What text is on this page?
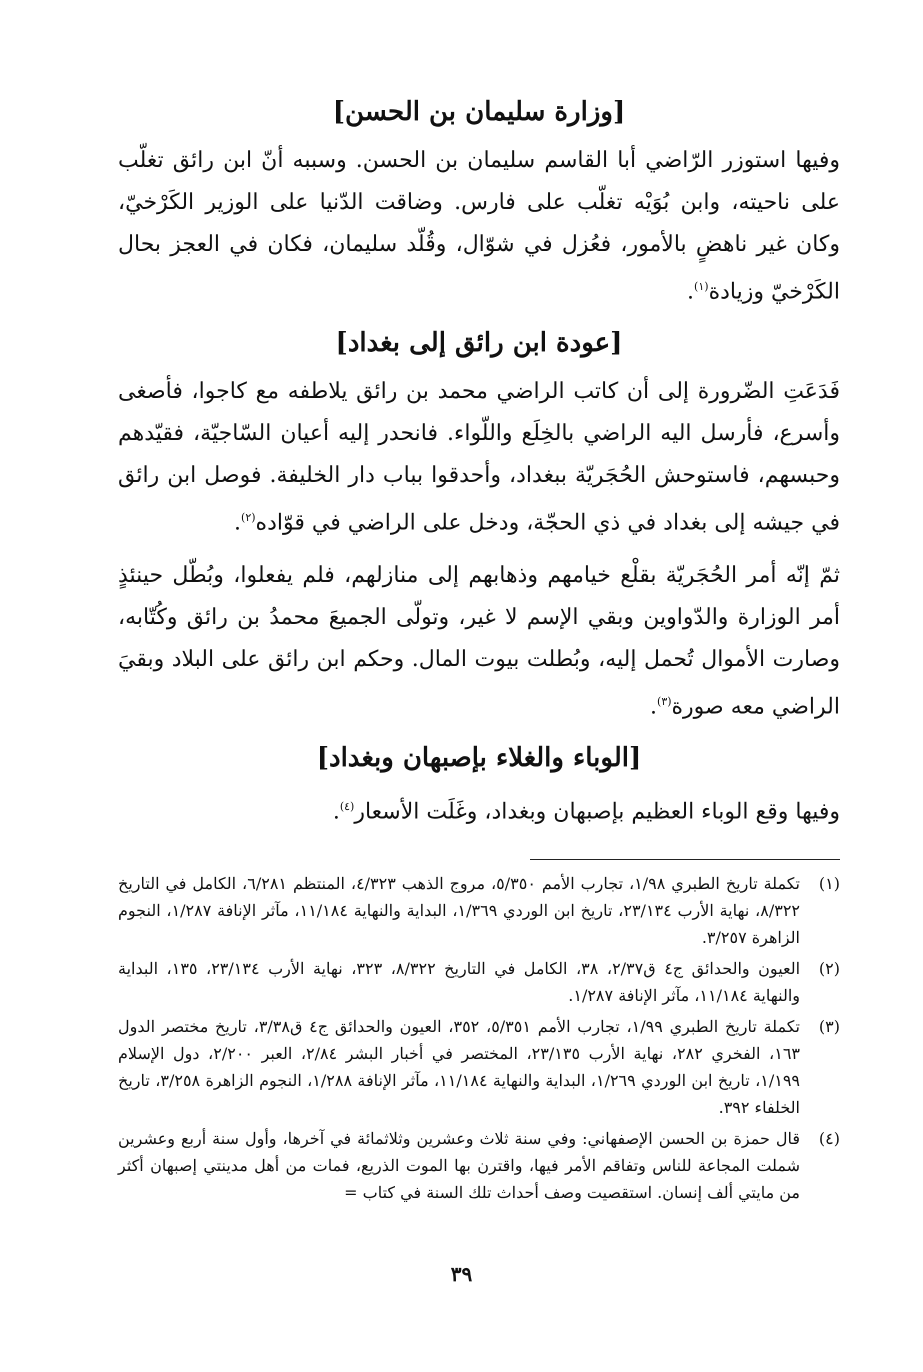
[وزارة سليمان بن الحسن]

وفيها استوزر الرّاضي أبا القاسم سليمان بن الحسن. وسببه أنّ ابن رائق تغلّب على ناحيته، وابن بُوَيْه تغلّب على فارس. وضاقت الدّنيا على الوزير الكَرْخيّ، وكان غير ناهضٍ بالأمور، فعُزل في شوّال، وقُلّد سليمان، فكان في العجز بحال الكَرْخيّ وزيادة$^{(١)}$.

[عودة ابن رائق إلى بغداد]

فَدَعَتِ الضّرورة إلى أن كاتب الراضي محمد بن رائق يلاطفه مع كاجوا، فأصغى وأسرع، فأرسل اليه الراضي بالخِلَع واللّواء. فانحدر إليه أعيان السّاجيّة، فقيّدهم وحبسهم، فاستوحش الحُجَريّة ببغداد، وأحدقوا بباب دار الخليفة. فوصل ابن رائق في جيشه إلى بغداد في ذي الحجّة، ودخل على الراضي في قوّاده$^{(٢)}$.

ثمّ إنّه أمر الحُجَريّة بقلْع خيامهم وذهابهم إلى منازلهم، فلم يفعلوا، وبُطّل حينئذٍ أمر الوزارة والدّواوين وبقي الإسم لا غير، وتولّى الجميعَ محمدُ بن رائق وكُتّابه، وصارت الأموال تُحمل إليه، وبُطلت بيوت المال. وحكم ابن رائق على البلاد وبقيَ الراضي معه صورة$^{(٣)}$.

[الوباء والغلاء بإصبهان وبغداد]

وفيها وقع الوباء العظيم بإصبهان وبغداد، وغَلَت الأسعار$^{(٤)}$.

(١)
تكملة تاريخ الطبري ١/٩٨، تجارب الأمم ٥/٣٥٠، مروج الذهب ٤/٣٢٣، المنتظم ٦/٢٨١، الكامل في التاريخ ٨/٣٢٢، نهاية الأرب ٢٣/١٣٤، تاريخ ابن الوردي ١/٣٦٩، البداية والنهاية ١١/١٨٤، مآثر الإنافة ١/٢٨٧، النجوم الزاهرة ٣/٢٥٧.
(٢)
العيون والحدائق ج٤ ق٢/٣٧، ٣٨، الكامل في التاريخ ٨/٣٢٢، ٣٢٣، نهاية الأرب ٢٣/١٣٤، ١٣٥، البداية والنهاية ١١/١٨٤، مآثر الإنافة ١/٢٨٧.
(٣)
تكملة تاريخ الطبري ١/٩٩، تجارب الأمم ٥/٣٥١، ٣٥٢، العيون والحدائق ج٤ ق٣/٣٨، تاريخ مختصر الدول ١٦٣، الفخري ٢٨٢، نهاية الأرب ٢٣/١٣٥، المختصر في أخبار البشر ٢/٨٤، العبر ٢/٢٠٠، دول الإسلام ١/١٩٩، تاريخ ابن الوردي ١/٢٦٩، البداية والنهاية ١١/١٨٤، مآثر الإنافة ١/٢٨٨، النجوم الزاهرة ٣/٢٥٨، تاريخ الخلفاء ٣٩٢.
(٤)
قال حمزة بن الحسن الإصفهاني: وفي سنة ثلاث وعشرين وثلاثمائة في آخرها، وأول سنة أربع وعشرين شملت المجاعة للناس وتفاقم الأمر فيها، واقترن بها الموت الذريع، فمات من أهل مدينتي إصبهان أكثر من مايتي ألف إنسان. استقصيت وصف أحداث تلك السنة في كتاب =
٣٩
